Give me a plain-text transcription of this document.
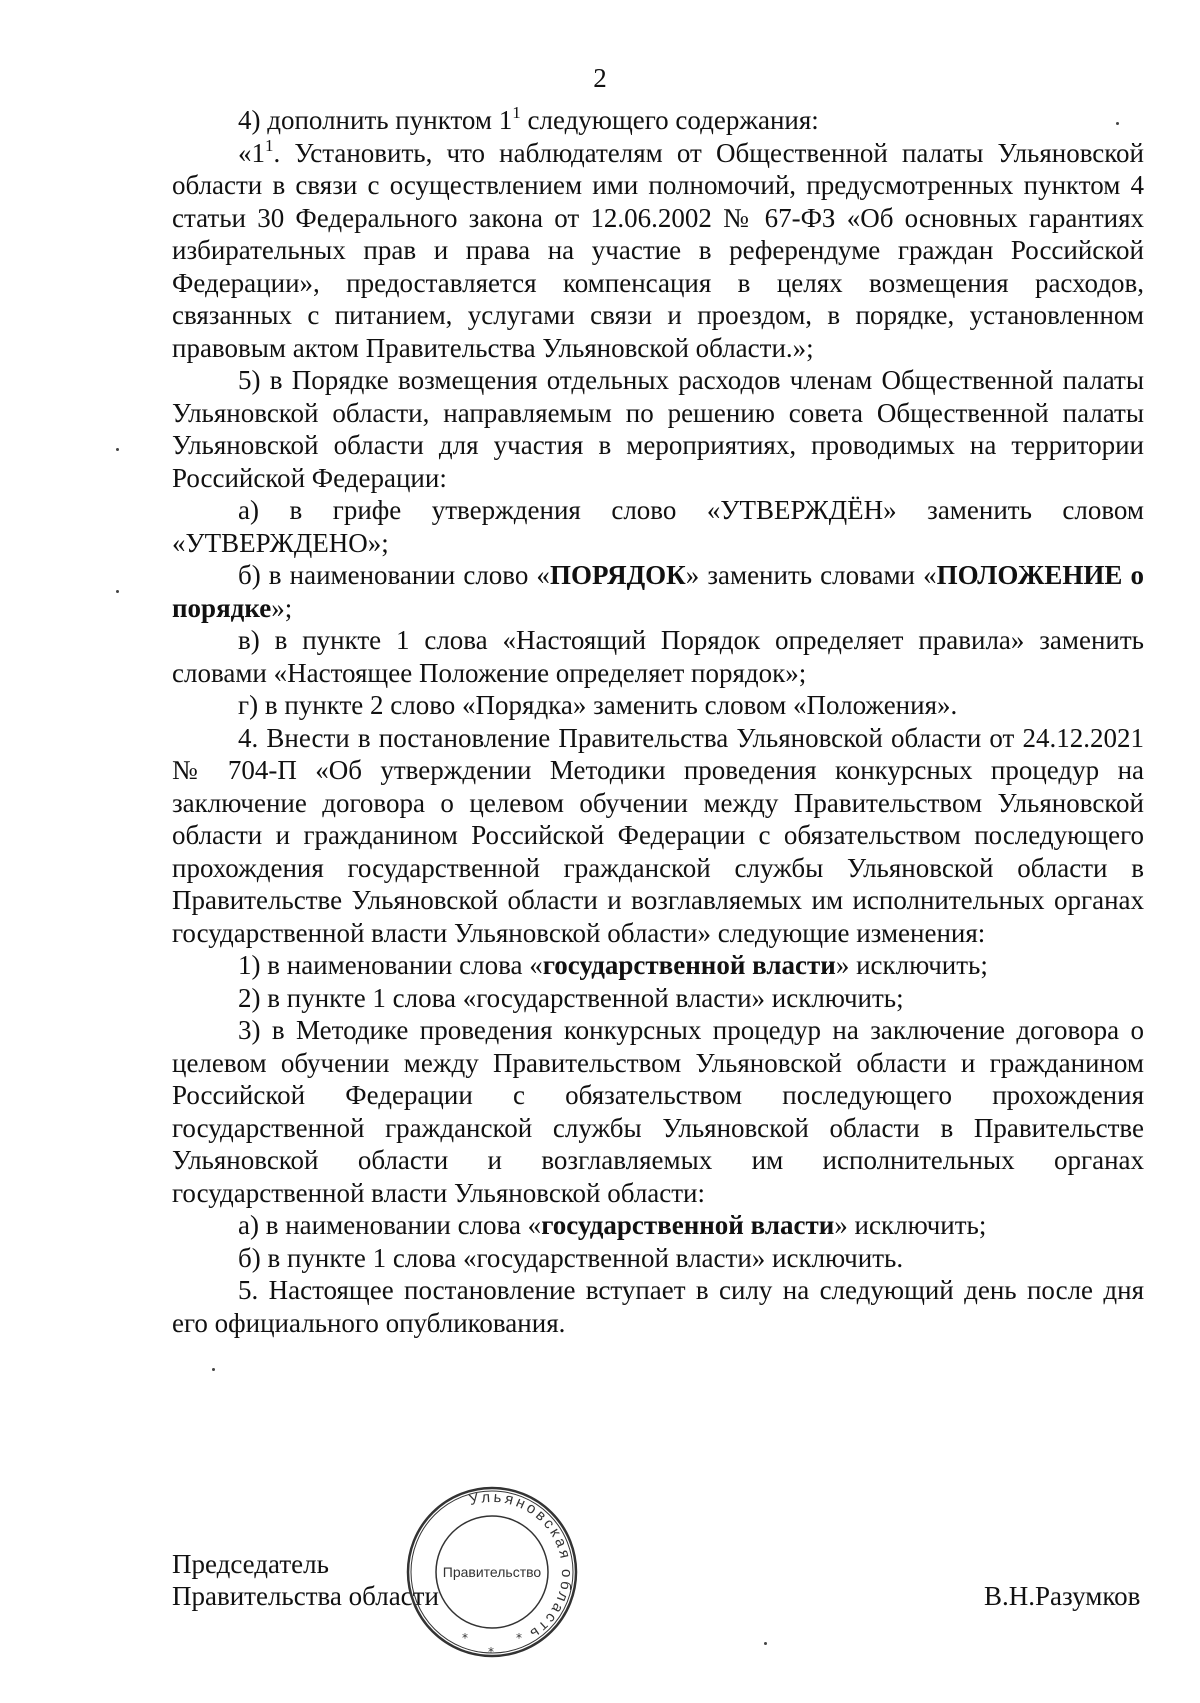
2

4) дополнить пунктом $1^1$ следующего содержания:

«$1^1$. Установить, что наблюдателям от Общественной палаты Ульяновской области в связи с осуществлением ими полномочий, предусмотренных пунктом 4 статьи 30 Федерального закона от 12.06.2002 № 67-ФЗ «Об основных гарантиях избирательных прав и права на участие в референдуме граждан Российской Федерации», предоставляется компенсация в целях возмещения расходов, связанных с питанием, услугами связи и проездом, в порядке, установленном правовым актом Правительства Ульяновской области.»;

5) в Порядке возмещения отдельных расходов членам Общественной палаты Ульяновской области, направляемым по решению совета Общественной палаты Ульяновской области для участия в мероприятиях, проводимых на территории Российской Федерации:

а) в грифе утверждения слово «УТВЕРЖДЁН» заменить словом «УТВЕРЖДЕНО»;

б) в наименовании слово «ПОРЯДОК» заменить словами «ПОЛОЖЕНИЕ о порядке»;

в) в пункте 1 слова «Настоящий Порядок определяет правила» заменить словами «Настоящее Положение определяет порядок»;

г) в пункте 2 слово «Порядка» заменить словом «Положения».

4. Внести в постановление Правительства Ульяновской области от 24.12.2021 № 704-П «Об утверждении Методики проведения конкурсных процедур на заключение договора о целевом обучении между Правительством Ульяновской области и гражданином Российской Федерации с обязательством последующего прохождения государственной гражданской службы Ульяновской области в Правительстве Ульяновской области и возглавляемых им исполнительных органах государственной власти Ульяновской области» следующие изменения:

1) в наименовании слова «государственной власти» исключить;

2) в пункте 1 слова «государственной власти» исключить;

3) в Методике проведения конкурсных процедур на заключение договора о целевом обучении между Правительством Ульяновской области и гражданином Российской Федерации с обязательством последующего прохождения государственной гражданской службы Ульяновской области в Правительстве Ульяновской области и возглавляемых им исполнительных органах государственной власти Ульяновской области:

а) в наименовании слова «государственной власти» исключить;

б) в пункте 1 слова «государственной власти» исключить.

5. Настоящее постановление вступает в силу на следующий день после дня его официального опубликования.

Председатель
Правительства области	В.Н.Разумков
Ульяновская область
Правительство
*	*
*
